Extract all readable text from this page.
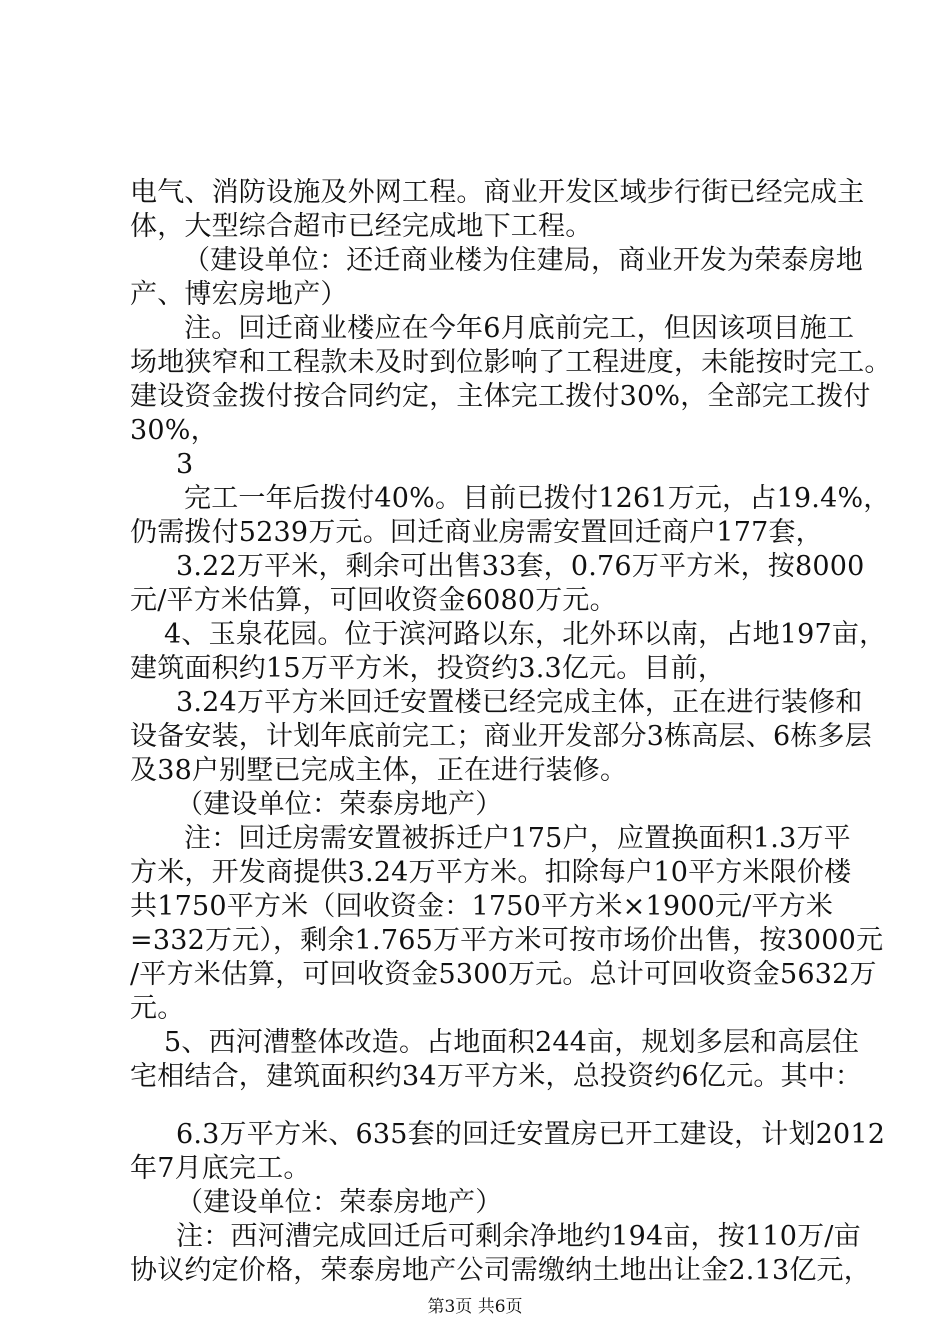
电气、消防设施及外网工程。商业开发区域步行街已经完成主
体，大型综合超市已经完成地下工程。
（建设单位：还迁商业楼为住建局，商业开发为荣泰房地
产、博宏房地产）
注。回迁商业楼应在今年6月底前完工，但因该项目施工
场地狭窄和工程款未及时到位影响了工程进度，未能按时完工。
建设资金拨付按合同约定，主体完工拨付30%，全部完工拨付
30%，
3
完工一年后拨付40%。目前已拨付1261万元，占19.4%，
仍需拨付5239万元。回迁商业房需安置回迁商户177套，
3.22万平米，剩余可出售33套，0.76万平方米，按8000
元/平方米估算，可回收资金6080万元。
4、玉泉花园。位于滨河路以东，北外环以南，占地197亩，
建筑面积约15万平方米，投资约3.3亿元。目前，
3.24万平方米回迁安置楼已经完成主体，正在进行装修和
设备安装，计划年底前完工；商业开发部分3栋高层、6栋多层
及38户别墅已完成主体，正在进行装修。
（建设单位：荣泰房地产）
注：回迁房需安置被拆迁户175户，应置换面积1.3万平
方米，开发商提供3.24万平方米。扣除每户10平方米限价楼
共1750平方米（回收资金：1750平方米×1900元/平方米
=332万元），剩余1.765万平方米可按市场价出售，按3000元
/平方米估算，可回收资金5300万元。总计可回收资金5632万
元。
5、西河漕整体改造。占地面积244亩，规划多层和高层住
宅相结合，建筑面积约34万平方米，总投资约6亿元。其中：
6.3万平方米、635套的回迁安置房已开工建设，计划2012
年7月底完工。
（建设单位：荣泰房地产）
注：西河漕完成回迁后可剩余净地约194亩，按110万/亩
协议约定价格，荣泰房地产公司需缴纳土地出让金2.13亿元，
第3页 共6页
